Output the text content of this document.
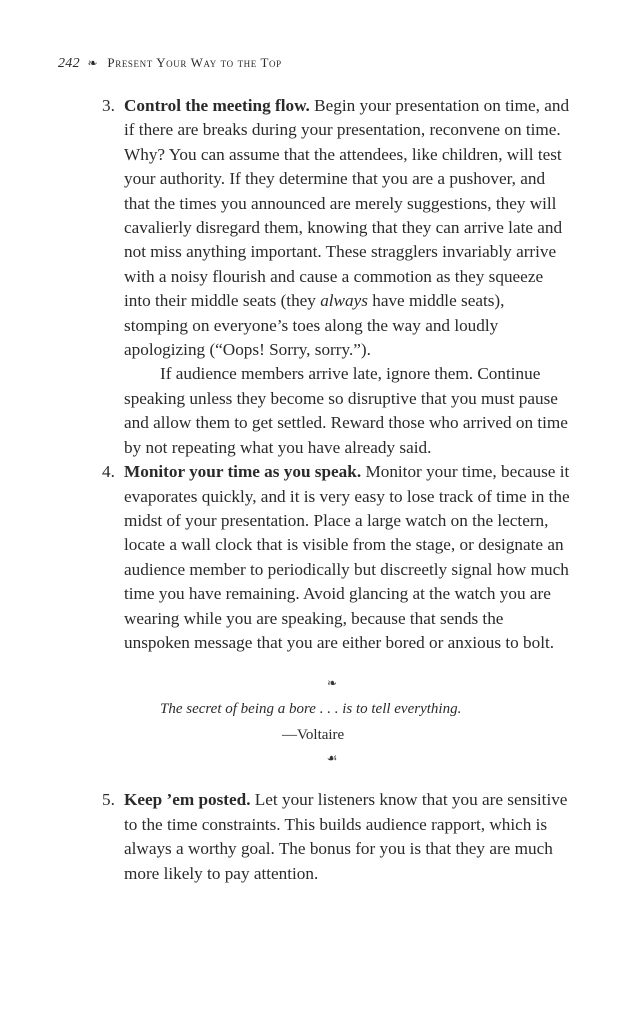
242 ❧ Present Your Way to the Top
3. Control the meeting flow. Begin your presentation on time, and if there are breaks during your presentation, reconvene on time. Why? You can assume that the attendees, like children, will test your authority. If they determine that you are a pushover, and that the times you announced are merely suggestions, they will cavalierly disregard them, knowing that they can arrive late and not miss anything important. These stragglers invariably arrive with a noisy flourish and cause a commotion as they squeeze into their middle seats (they always have middle seats), stomping on everyone’s toes along the way and loudly apologizing (“Oops! Sorry, sorry.”).

If audience members arrive late, ignore them. Continue speaking unless they become so disruptive that you must pause and allow them to get settled. Reward those who arrived on time by not repeating what you have already said.

4. Monitor your time as you speak. Monitor your time, because it evaporates quickly, and it is very easy to lose track of time in the midst of your presentation. Place a large watch on the lectern, locate a wall clock that is visible from the stage, or designate an audience member to periodically but discreetly signal how much time you have remaining. Avoid glancing at the watch you are wearing while you are speaking, because that sends the unspoken message that you are either bored or anxious to bolt.

❧
The secret of being a bore . . . is to tell everything.
—Voltaire
☙
5. Keep ’em posted. Let your listeners know that you are sensitive to the time constraints. This builds audience rapport, which is always a worthy goal. The bonus for you is that they are much more likely to pay attention.
